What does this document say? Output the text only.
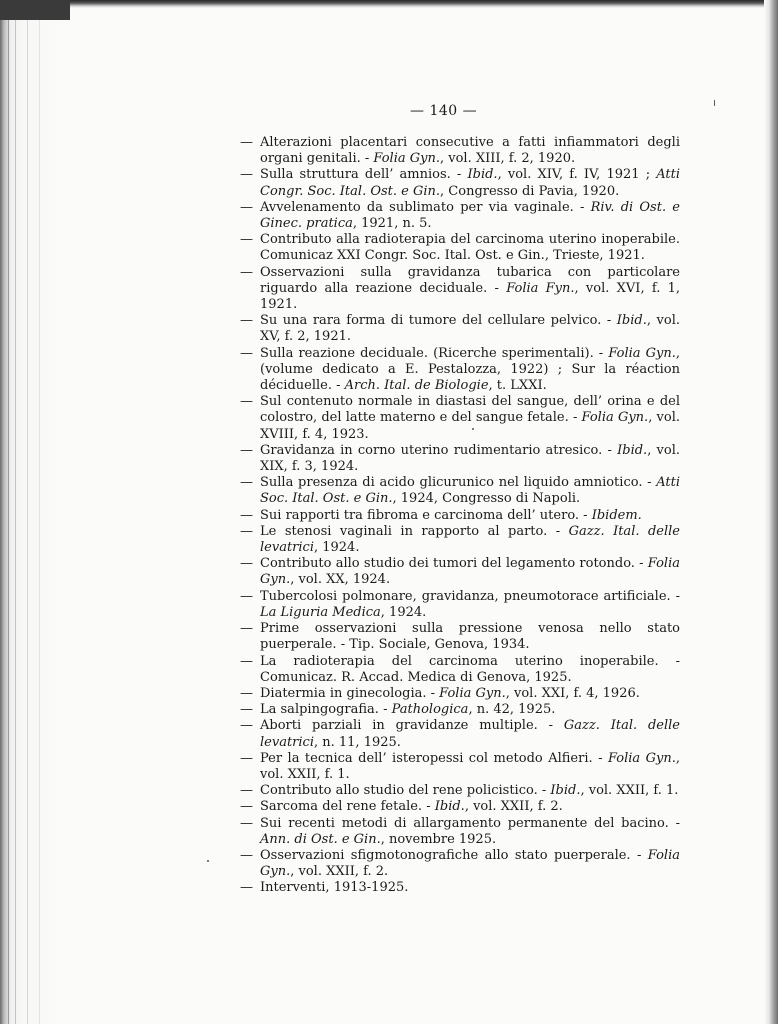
— 140 —
— Alterazioni placentari consecutive a fatti infiammatori degli organi genitali. - Folia Gyn., vol. XIII, f. 2, 1920.
— Sulla struttura dell’ amnios. - Ibid., vol. XIV, f. IV, 1921 ; Atti Congr. Soc. Ital. Ost. e Gin., Congresso di Pavia, 1920.
— Avvelenamento da sublimato per via vaginale. - Riv. di Ost. e Ginec. pratica, 1921, n. 5.
— Contributo alla radioterapia del carcinoma uterino inoperabile. Comunicaz XXI Congr. Soc. Ital. Ost. e Gin., Trieste, 1921.
— Osservazioni sulla gravidanza tubarica con particolare riguardo alla reazione deciduale. - Folia Fyn., vol. XVI, f. 1, 1921.
— Su una rara forma di tumore del cellulare pelvico. - Ibid., vol. XV, f. 2, 1921.
— Sulla reazione deciduale. (Ricerche sperimentali). - Folia Gyn., (volume dedicato a E. Pestalozza, 1922) ; Sur la réaction déciduelle. - Arch. Ital. de Biologie, t. LXXI.
— Sul contenuto normale in diastasi del sangue, dell’ orina e del colostro, del latte materno e del sangue fetale. - Folia Gyn., vol. XVIII, f. 4, 1923.
— Gravidanza in corno uterino rudimentario atresico. - Ibid., vol. XIX, f. 3, 1924.
— Sulla presenza di acido glicurunico nel liquido amniotico. - Atti Soc. Ital. Ost. e Gin., 1924, Congresso di Napoli.
— Sui rapporti tra fibroma e carcinoma dell’ utero. - Ibidem.
— Le stenosi vaginali in rapporto al parto. - Gazz. Ital. delle levatrici, 1924.
— Contributo allo studio dei tumori del legamento rotondo. - Folia Gyn., vol. XX, 1924.
— Tubercolosi polmonare, gravidanza, pneumotorace artificiale. - La Liguria Medica, 1924.
— Prime osservazioni sulla pressione venosa nello stato puerperale. - Tip. Sociale, Genova, 1934.
— La radioterapia del carcinoma uterino inoperabile. - Comunicaz. R. Accad. Medica di Genova, 1925.
— Diatermia in ginecologia. - Folia Gyn., vol. XXI, f. 4, 1926.
— La salpingografia. - Pathologica, n. 42, 1925.
— Aborti parziali in gravidanze multiple. - Gazz. Ital. delle levatrici, n. 11, 1925.
— Per la tecnica dell’ isteropessi col metodo Alfieri. - Folia Gyn., vol. XXII, f. 1.
— Contributo allo studio del rene policistico. - Ibid., vol. XXII, f. 1.
— Sarcoma del rene fetale. - Ibid., vol. XXII, f. 2.
— Sui recenti metodi di allargamento permanente del bacino. - Ann. di Ost. e Gin., novembre 1925.
— Osservazioni sfigmotonografiche allo stato puerperale. - Folia Gyn., vol. XXII, f. 2.
— Interventi, 1913-1925.
